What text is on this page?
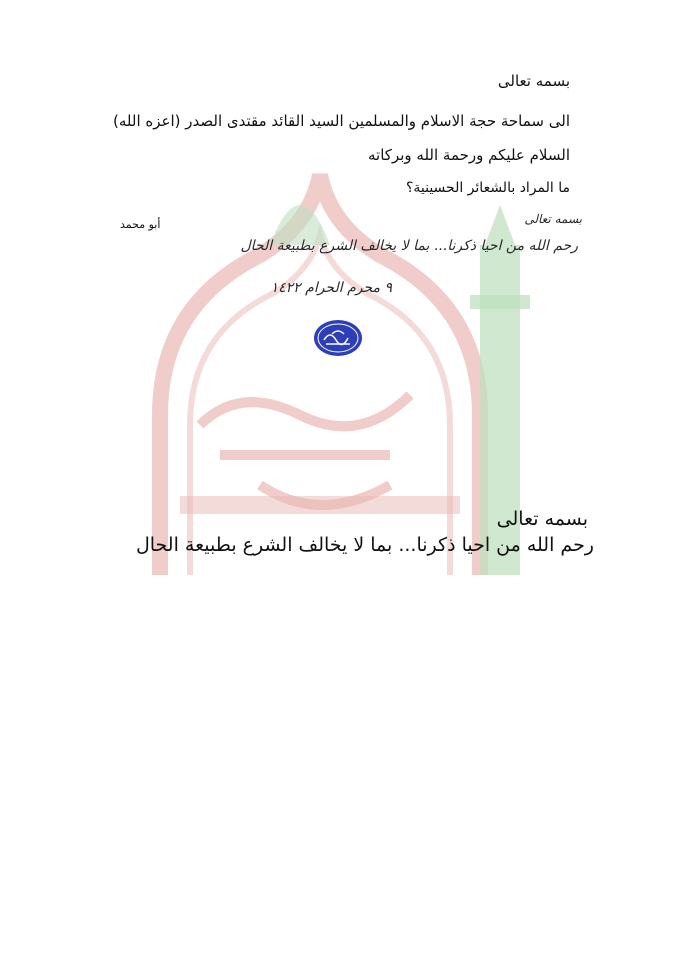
بسمه تعالى
الى سماحة حجة الاسلام والمسلمين السيد القائد مقتدى الصدر (اعزه الله)
السلام عليكم ورحمة الله وبركاته
ما المراد بالشعائر الحسينية؟
أبو محمد	بسمه تعالى
رحم الله من احيا ذكرنا... بما لا يخالف الشرع بطبيعة الحال
٩ محرم الحرام ١٤٢٢
بسمه تعالى
رحم الله من احيا ذكرنا... بما لا يخالف الشرع بطبيعة الحال
